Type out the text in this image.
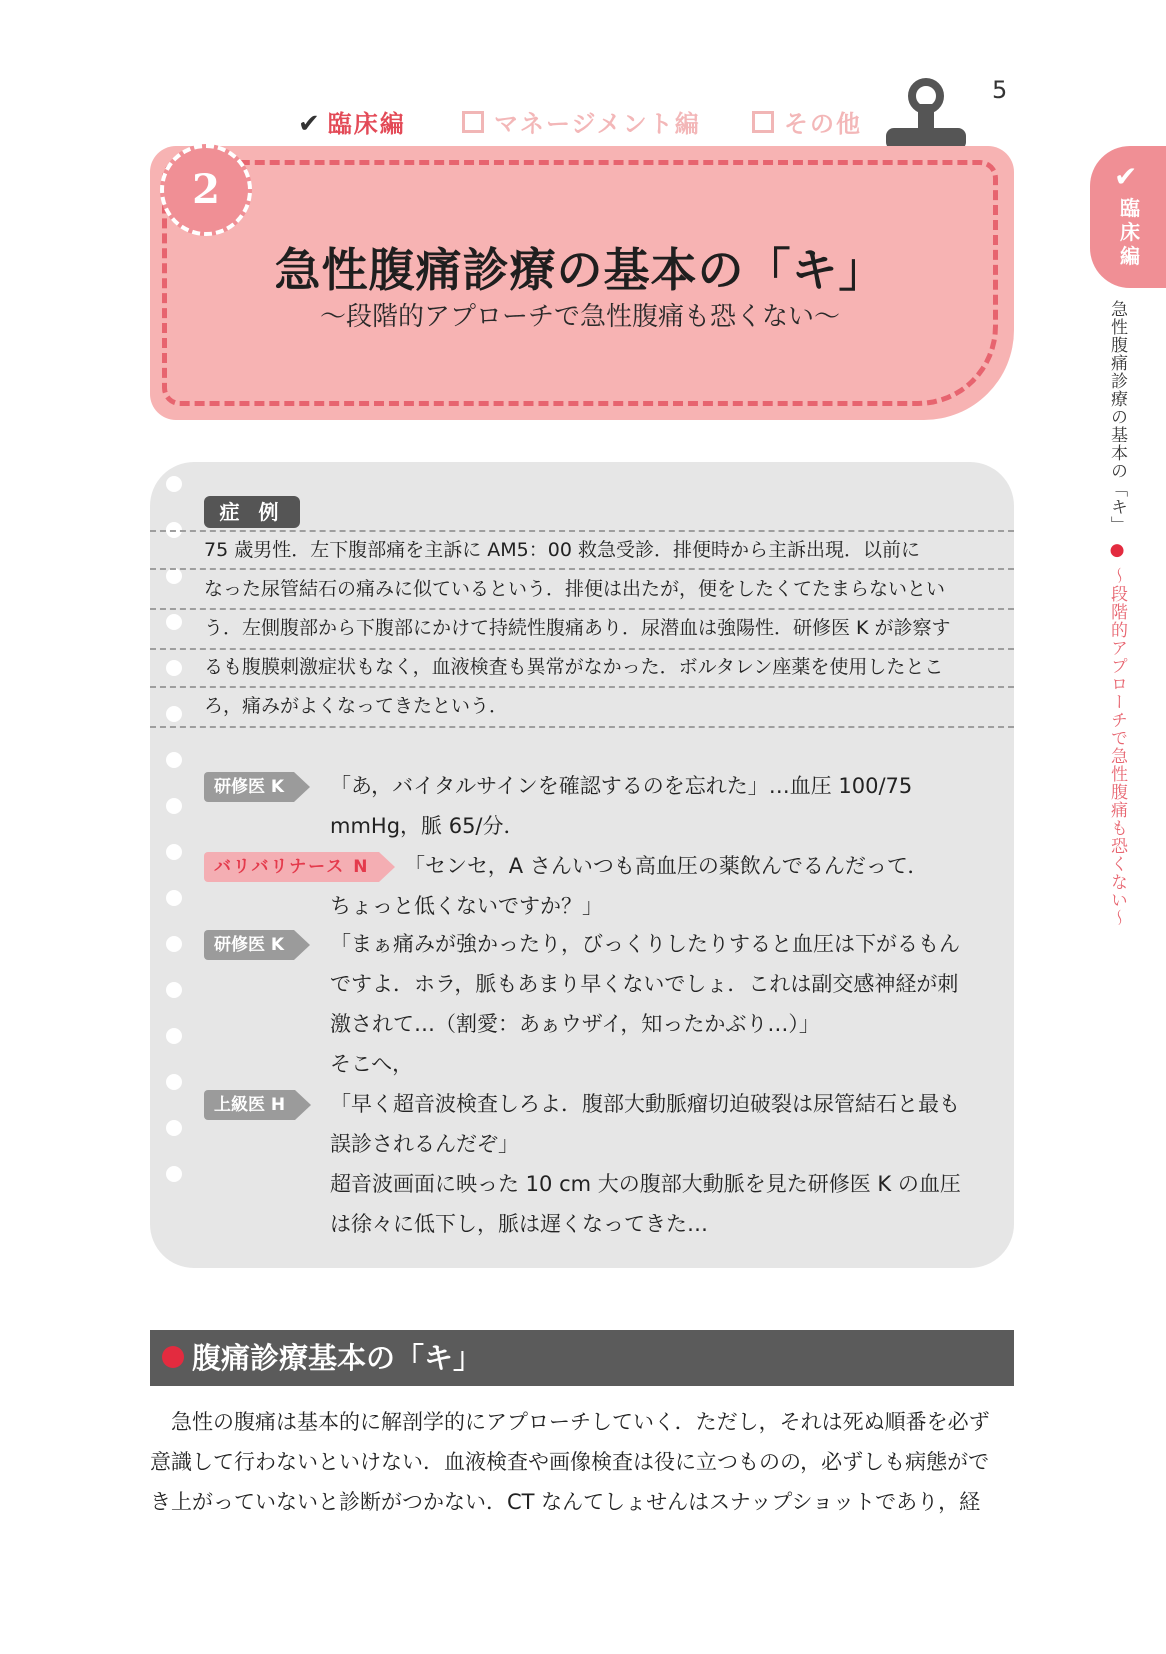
5
✔ 臨床編	マネージメント編	その他
2
急性腹痛診療の基本の「キ」
～段階的アプローチで急性腹痛も恐くない～
症 例
75 歳男性．左下腹部痛を主訴に AM5：00 救急受診．排便時から主訴出現．以前に
なった尿管結石の痛みに似ているという．排便は出たが，便をしたくてたまらないとい
う．左側腹部から下腹部にかけて持続性腹痛あり．尿潜血は強陽性．研修医 K が診察す
るも腹膜刺激症状もなく，血液検査も異常がなかった．ボルタレン座薬を使用したとこ
ろ，痛みがよくなってきたという．
研修医 K	「あ，バイタルサインを確認するのを忘れた」…血圧 100/75
mmHg，脈 65/分．
バリバリナース N	「センセ，A さんいつも高血圧の薬飲んでるんだって．
ちょっと低くないですか？」
研修医 K	「まぁ痛みが強かったり，びっくりしたりすると血圧は下がるもん
ですよ．ホラ，脈もあまり早くないでしょ．これは副交感神経が刺
激されて…（割愛：あぁウザイ，知ったかぶり…）」
そこへ，
上級医 H	「早く超音波検査しろよ．腹部大動脈瘤切迫破裂は尿管結石と最も
誤診されるんだぞ」
超音波画面に映った 10 cm 大の腹部大動脈を見た研修医 K の血圧
は徐々に低下し，脈は遅くなってきた…
腹痛診療基本の「キ」
　急性の腹痛は基本的に解剖学的にアプローチしていく．ただし，それは死ぬ順番を必ず
意識して行わないといけない．血液検査や画像検査は役に立つものの，必ずしも病態がで
き上がっていないと診断がつかない．CT なんてしょせんはスナップショットであり，経
✔
臨床編
急性腹痛診療の基本の「キ」●～段階的アプローチで急性腹痛も恐くない～
